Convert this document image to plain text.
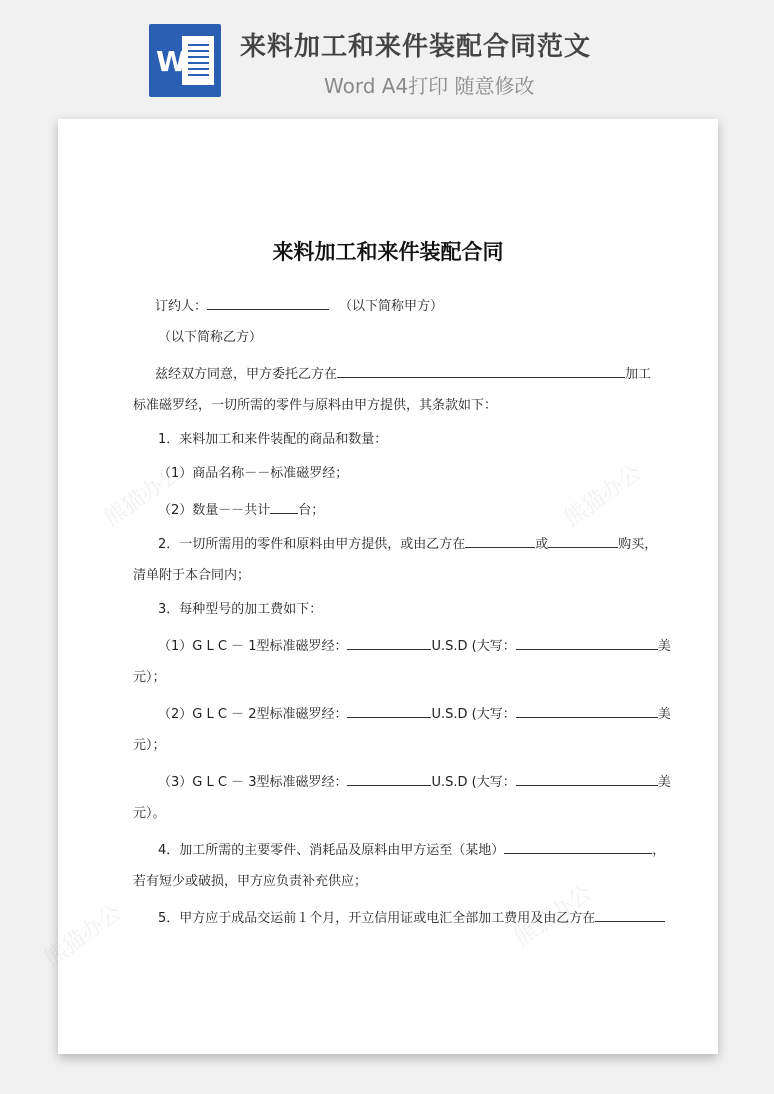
W 来料加工和来件装配合同范文
Word A4打印 随意修改
熊猫办公	熊猫办公
熊猫办公	熊猫办公
来料加工和来件装配合同
订约人：	（以下简称甲方）
（以下简称乙方）
兹经双方同意，甲方委托乙方在	加工
标准磁罗经，一切所需的零件与原料由甲方提供，其条款如下：
1．来料加工和来件装配的商品和数量：
（1）商品名称－－标准磁罗经；
（2）数量－－共计 台；
2．一切所需用的零件和原料由甲方提供，或由乙方在	或	购买，
清单附于本合同内；
3．每种型号的加工费如下：
（1）G L C － 1型标准磁罗经：	U.S.D (大写：	美
元）；
（2）G L C － 2型标准磁罗经：	U.S.D (大写：	美
元）；
（3）G L C － 3型标准磁罗经：	U.S.D (大写：	美
元）。
4．加工所需的主要零件、消耗品及原料由甲方运至（某地）	，
若有短少或破损，甲方应负责补充供应；
5．甲方应于成品交运前１个月，开立信用证或电汇全部加工费用及由乙方在
